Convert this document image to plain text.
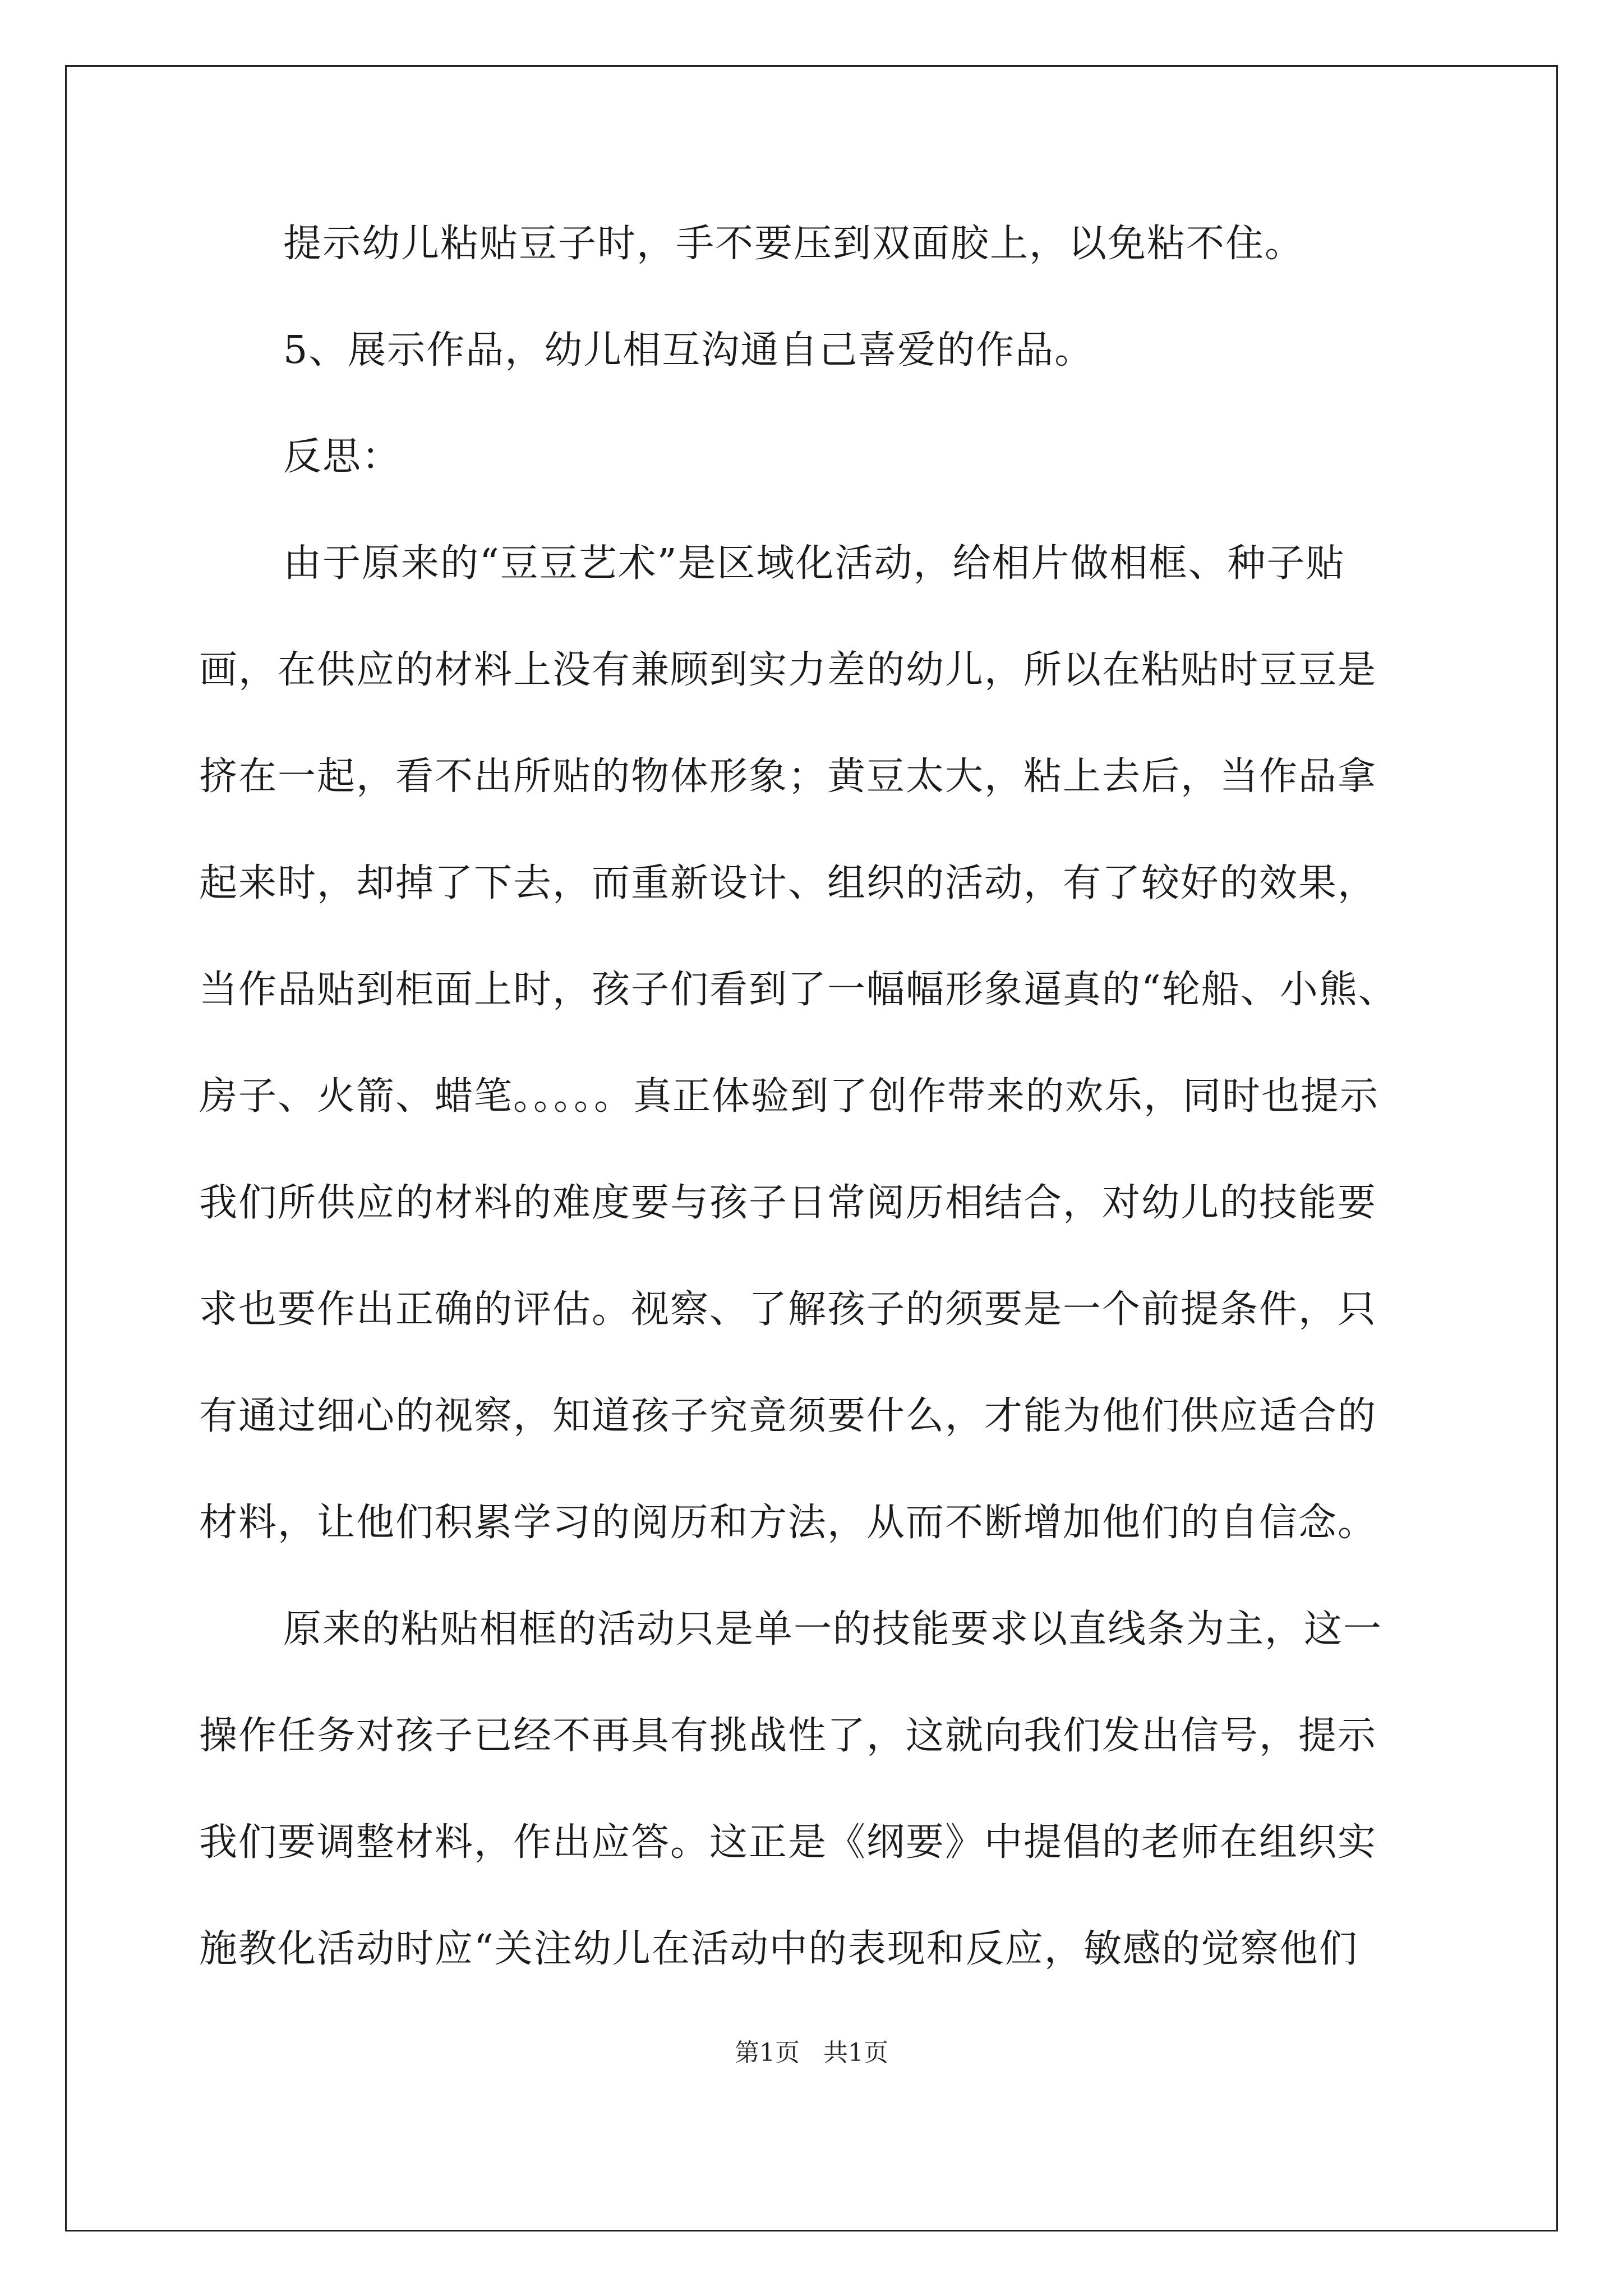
提示幼儿粘贴豆子时，手不要压到双面胶上，以免粘不住。
5、展示作品，幼儿相互沟通自己喜爱的作品。
反思：
由于原来的“豆豆艺术”是区域化活动，给相片做相框、种子贴
画，在供应的材料上没有兼顾到实力差的幼儿，所以在粘贴时豆豆是
挤在一起，看不出所贴的物体形象；黄豆太大，粘上去后，当作品拿
起来时，却掉了下去，而重新设计、组织的活动，有了较好的效果，
当作品贴到柜面上时，孩子们看到了一幅幅形象逼真的“轮船、小熊、
房子、火箭、蜡笔。。。。。真正体验到了创作带来的欢乐，同时也提示
我们所供应的材料的难度要与孩子日常阅历相结合，对幼儿的技能要
求也要作出正确的评估。视察、了解孩子的须要是一个前提条件，只
有通过细心的视察，知道孩子究竟须要什么，才能为他们供应适合的
材料，让他们积累学习的阅历和方法，从而不断增加他们的自信念。
原来的粘贴相框的活动只是单一的技能要求以直线条为主，这一
操作任务对孩子已经不再具有挑战性了，这就向我们发出信号，提示
我们要调整材料，作出应答。这正是《纲要》中提倡的老师在组织实
施教化活动时应“关注幼儿在活动中的表现和反应，敏感的觉察他们
第1页   共1页
